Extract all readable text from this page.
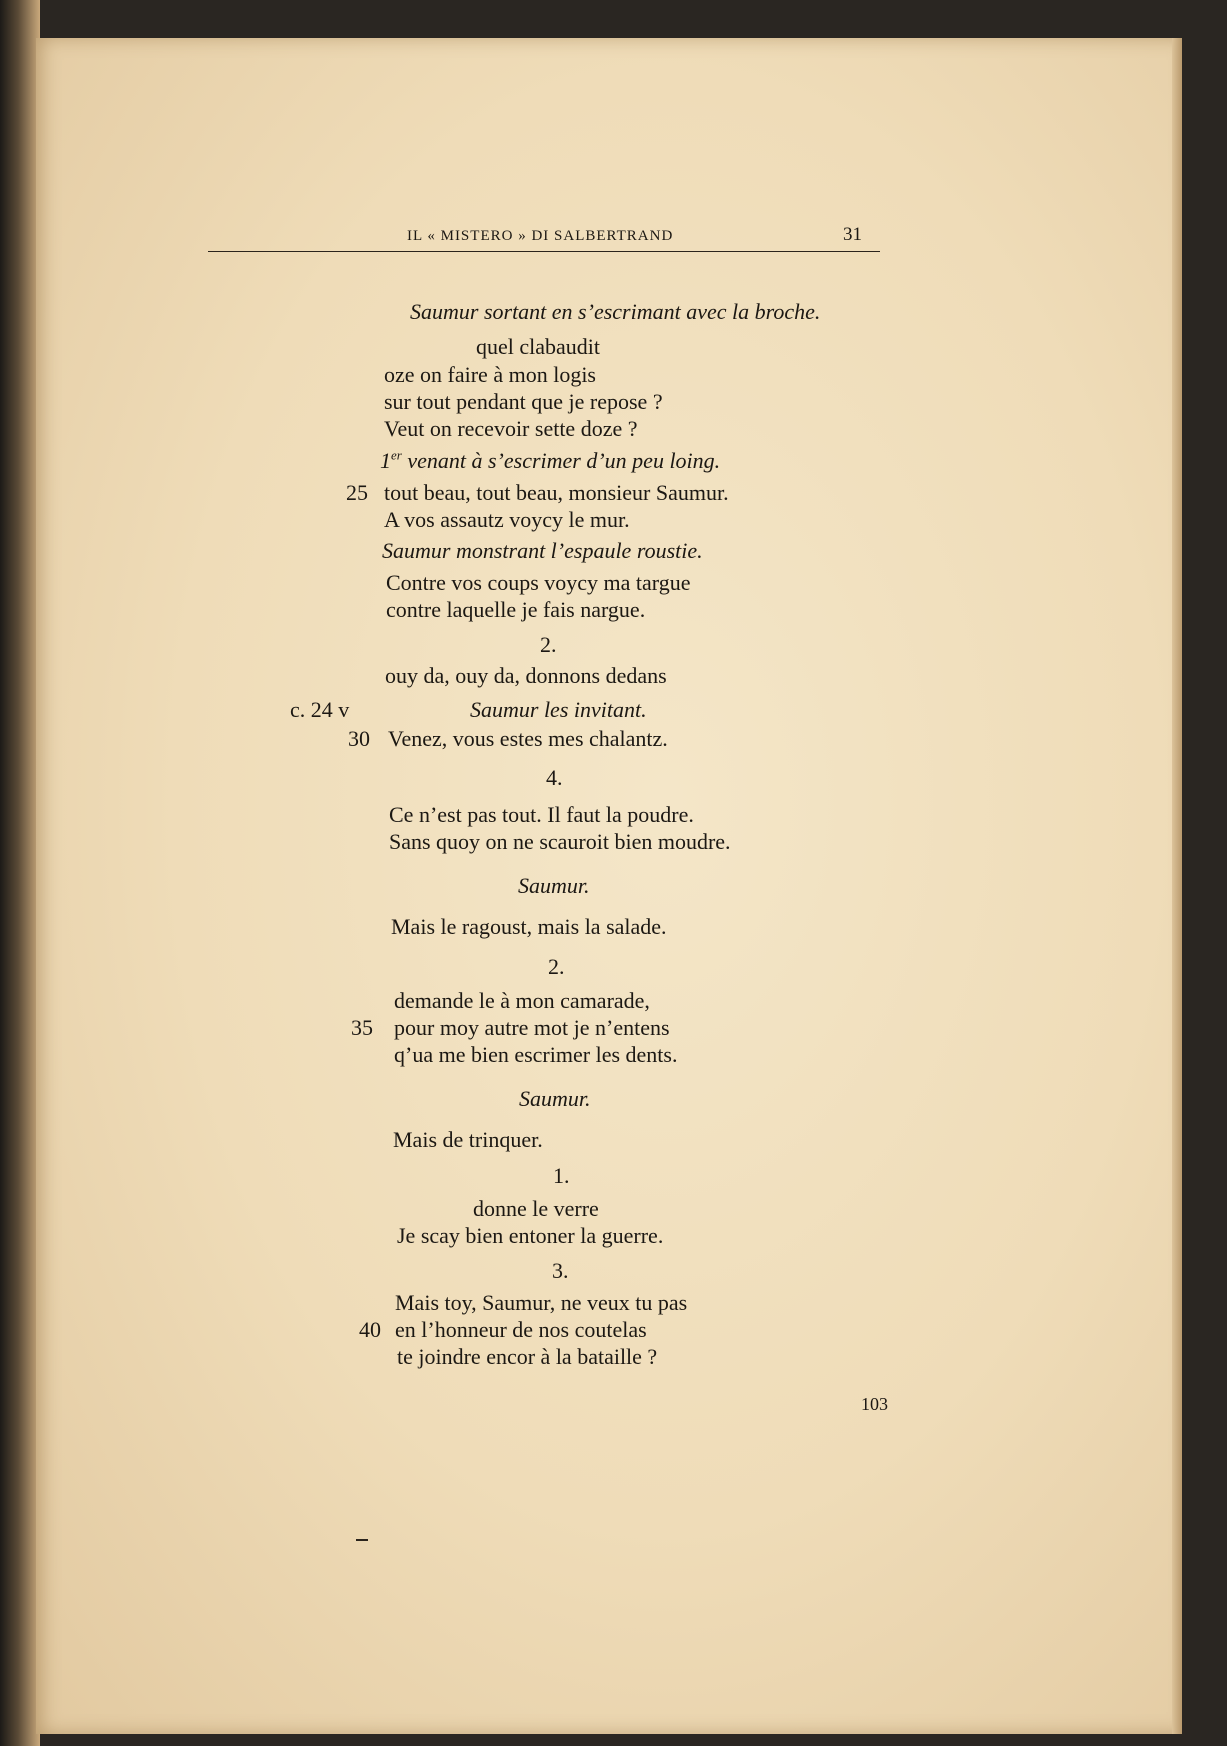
IL « MISTERO » DI SALBERTRAND	31
Saumur sortant en s’escrimant avec la broche.
quel clabaudit
oze on faire à mon logis
sur tout pendant que je repose ?
Veut on recevoir sette doze ?
1er venant à s’escrimer d’un peu loing.
tout beau, tout beau, monsieur Saumur.
A vos assautz voycy le mur.
Saumur monstrant l’espaule roustie.
Contre vos coups voycy ma targue
contre laquelle je fais nargue.
2.
ouy da, ouy da, donnons dedans
Saumur les invitant.
Venez, vous estes mes chalantz.
4.
Ce n’est pas tout. Il faut la poudre.
Sans quoy on ne scauroit bien moudre.
Saumur.
Mais le ragoust, mais la salade.
2.
demande le à mon camarade,
pour moy autre mot je n’entens
q’ua me bien escrimer les dents.
Saumur.
Mais de trinquer.
1.
donne le verre
Je scay bien entoner la guerre.
3.
Mais toy, Saumur, ne veux tu pas
en l’honneur de nos coutelas
te joindre encor à la bataille ?
25
c. 24 v
30
35
40
103
